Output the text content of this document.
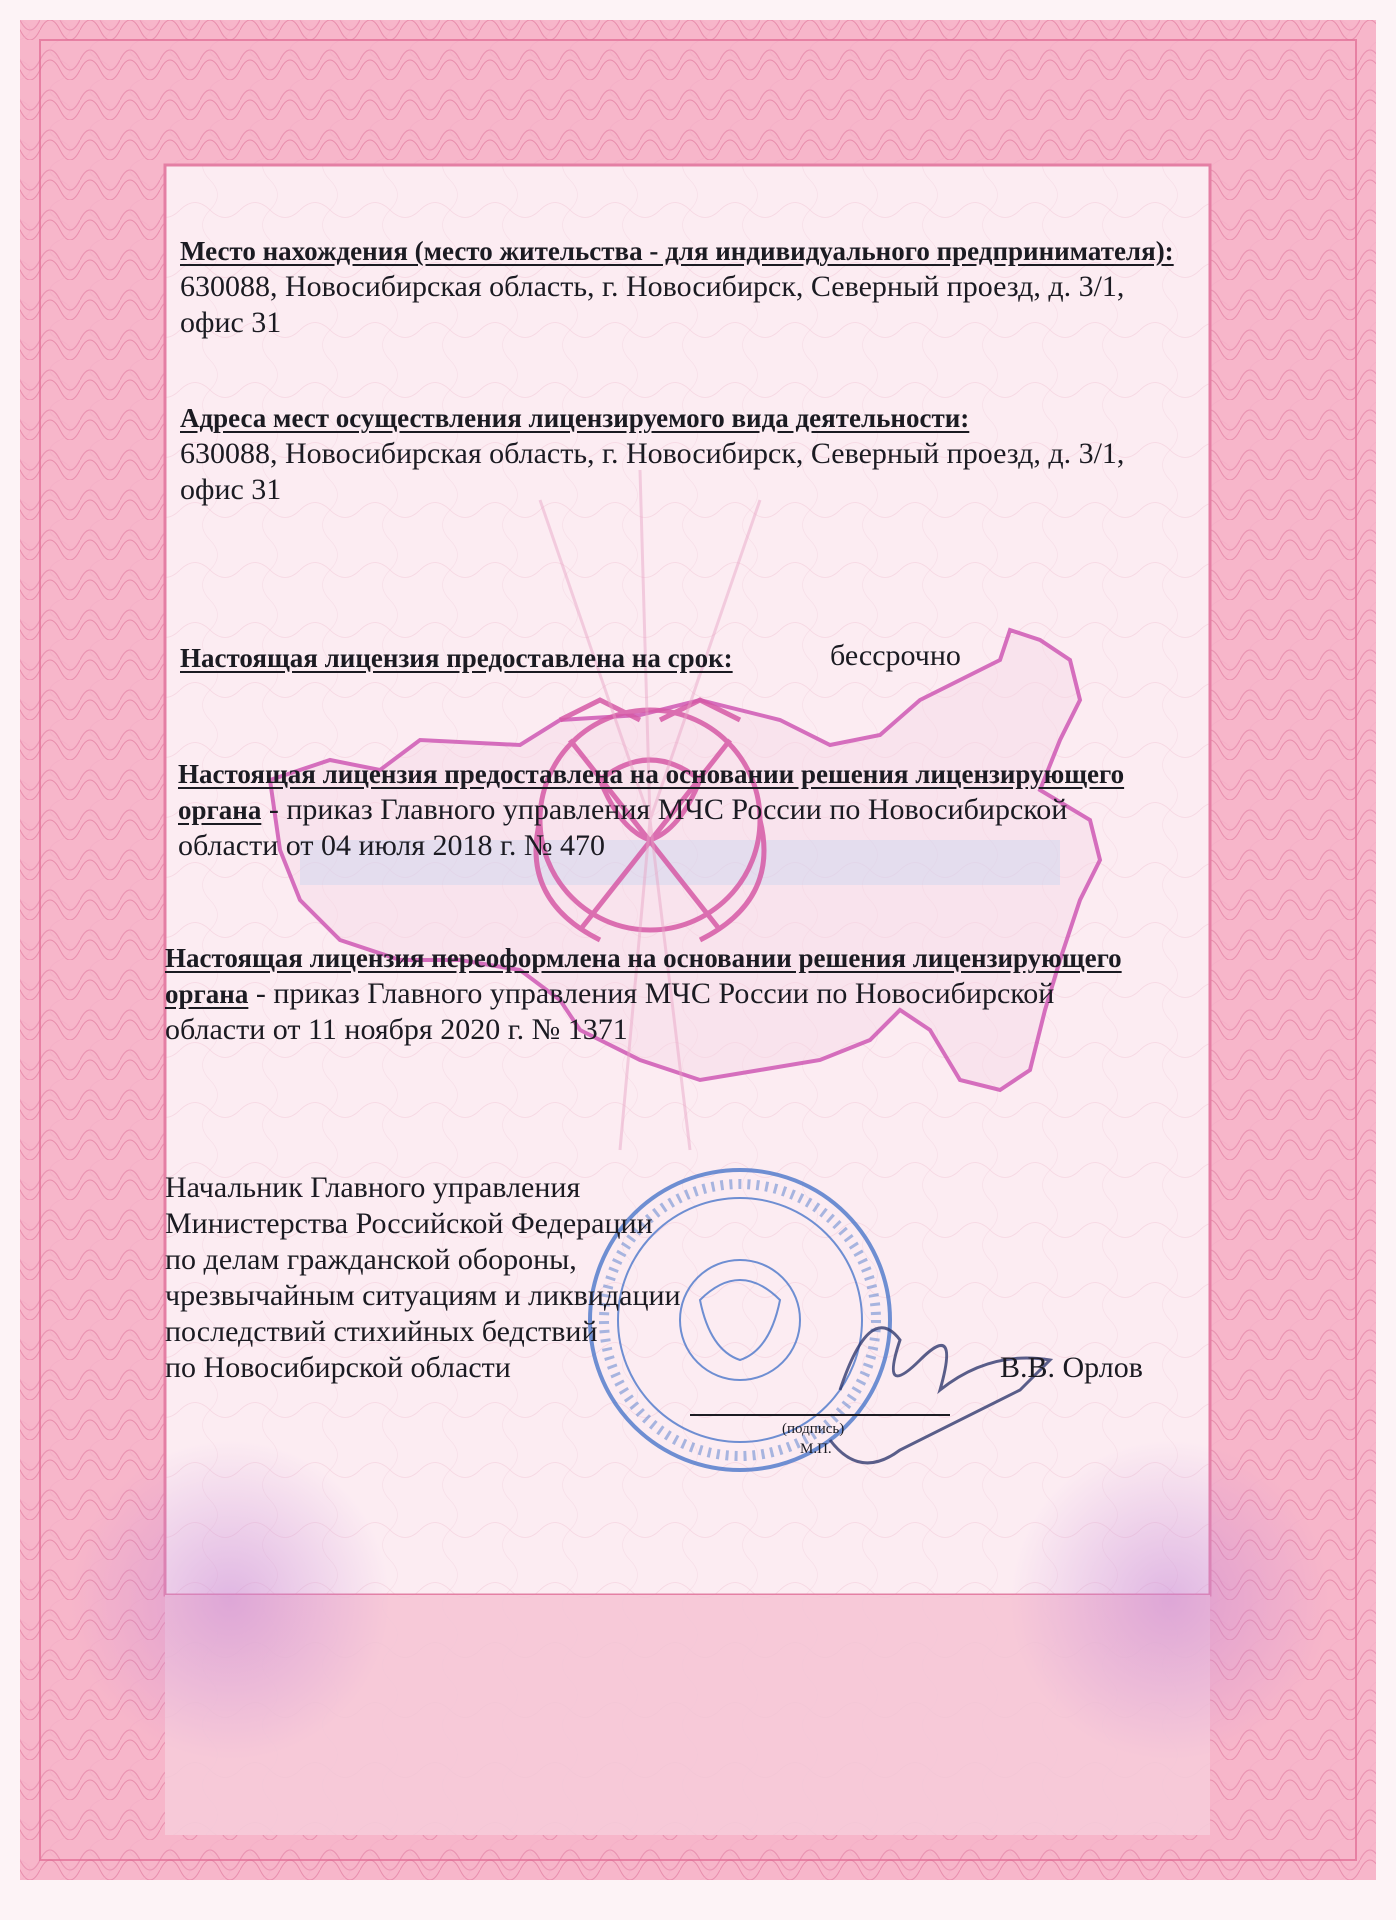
Место нахождения (место жительства - для индивидуального предпринимателя):
630088, Новосибирская область, г. Новосибирск, Северный проезд, д. 3/1,
офис 31
Адреса мест осуществления лицензируемого вида деятельности:
630088, Новосибирская область, г. Новосибирск, Северный проезд, д. 3/1,
офис 31
Настоящая лицензия предоставлена на срок:	бессрочно
Настоящая лицензия предоставлена на основании решения лицензирующего
органа - приказ Главного управления МЧС России по Новосибирской
области от 04 июля 2018 г. № 470
Настоящая лицензия переоформлена на основании решения лицензирующего
органа - приказ Главного управления МЧС России по Новосибирской
области от 11 ноября 2020 г. № 1371
Начальник Главного управления
Министерства Российской Федерации
по делам гражданской обороны,
чрезвычайным ситуациям и ликвидации
последствий стихийных бедствий
по Новосибирской области	В.В. Орлов
(подпись)
М.П.
